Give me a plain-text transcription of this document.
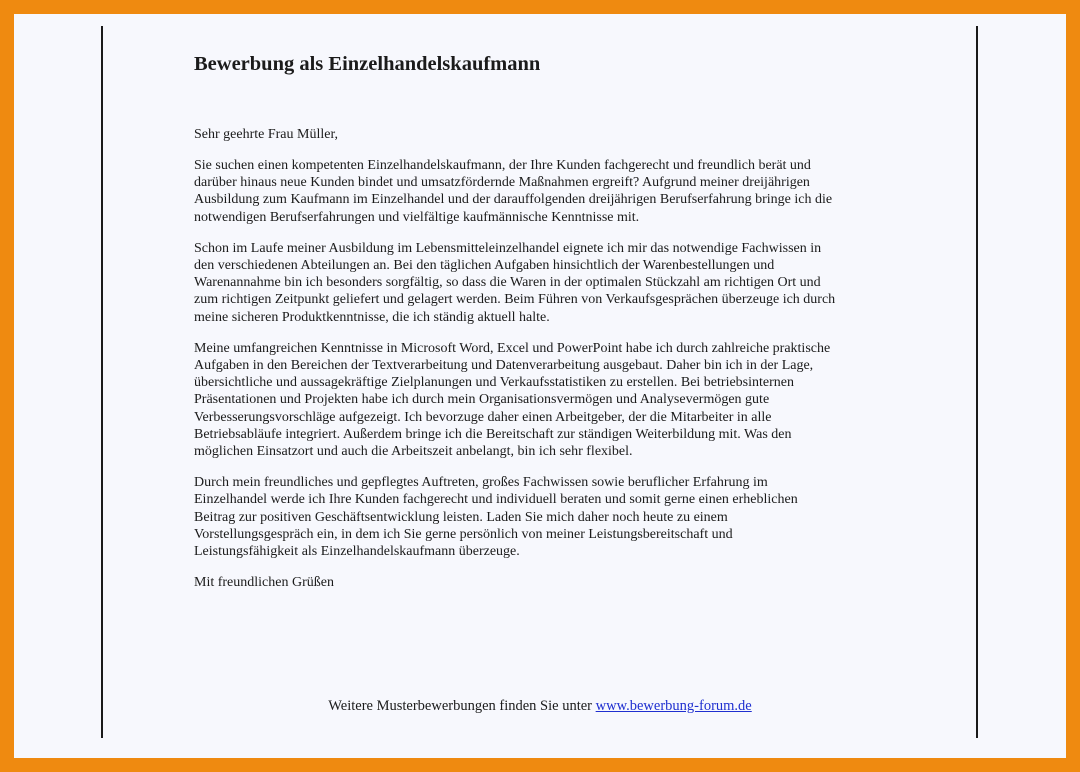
Bewerbung als Einzelhandelskaufmann

Sehr geehrte Frau Müller,

Sie suchen einen kompetenten Einzelhandelskaufmann, der Ihre Kunden fachgerecht und freundlich berät und
darüber hinaus neue Kunden bindet und umsatzfördernde Maßnahmen ergreift? Aufgrund meiner dreijährigen
Ausbildung zum Kaufmann im Einzelhandel und der darauffolgenden dreijährigen Berufserfahrung bringe ich die
notwendigen Berufserfahrungen und vielfältige kaufmännische Kenntnisse mit.

Schon im Laufe meiner Ausbildung im Lebensmitteleinzelhandel eignete ich mir das notwendige Fachwissen in
den verschiedenen Abteilungen an. Bei den täglichen Aufgaben hinsichtlich der Warenbestellungen und
Warenannahme bin ich besonders sorgfältig, so dass die Waren in der optimalen Stückzahl am richtigen Ort und
zum richtigen Zeitpunkt geliefert und gelagert werden. Beim Führen von Verkaufsgesprächen überzeuge ich durch
meine sicheren Produktkenntnisse, die ich ständig aktuell halte.

Meine umfangreichen Kenntnisse in Microsoft Word, Excel und PowerPoint habe ich durch zahlreiche praktische
Aufgaben in den Bereichen der Textverarbeitung und Datenverarbeitung ausgebaut. Daher bin ich in der Lage,
übersichtliche und aussagekräftige Zielplanungen und Verkaufsstatistiken zu erstellen. Bei betriebsinternen
Präsentationen und Projekten habe ich durch mein Organisationsvermögen und Analysevermögen gute
Verbesserungsvorschläge aufgezeigt. Ich bevorzuge daher einen Arbeitgeber, der die Mitarbeiter in alle
Betriebsabläufe integriert. Außerdem bringe ich die Bereitschaft zur ständigen Weiterbildung mit. Was den
möglichen Einsatzort und auch die Arbeitszeit anbelangt, bin ich sehr flexibel.

Durch mein freundliches und gepflegtes Auftreten, großes Fachwissen sowie beruflicher Erfahrung im
Einzelhandel werde ich Ihre Kunden fachgerecht und individuell beraten und somit gerne einen erheblichen
Beitrag zur positiven Geschäftsentwicklung leisten. Laden Sie mich daher noch heute zu einem
Vorstellungsgespräch ein, in dem ich Sie gerne persönlich von meiner Leistungsbereitschaft und
Leistungsfähigkeit als Einzelhandelskaufmann überzeuge.

Mit freundlichen Grüßen

Weitere Musterbewerbungen finden Sie unter www.bewerbung-forum.de
